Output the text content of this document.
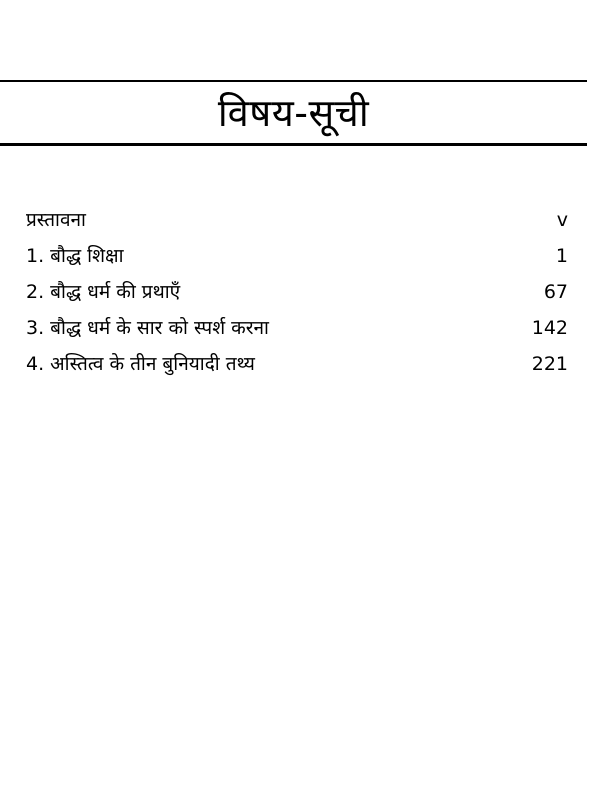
विषय-सूची
प्रस्तावना	v
1. बौद्ध शिक्षा	1
2. बौद्ध धर्म की प्रथाएँ	67
3. बौद्ध धर्म के सार को स्पर्श करना	142
4. अस्तित्व के तीन बुनियादी तथ्य	221
